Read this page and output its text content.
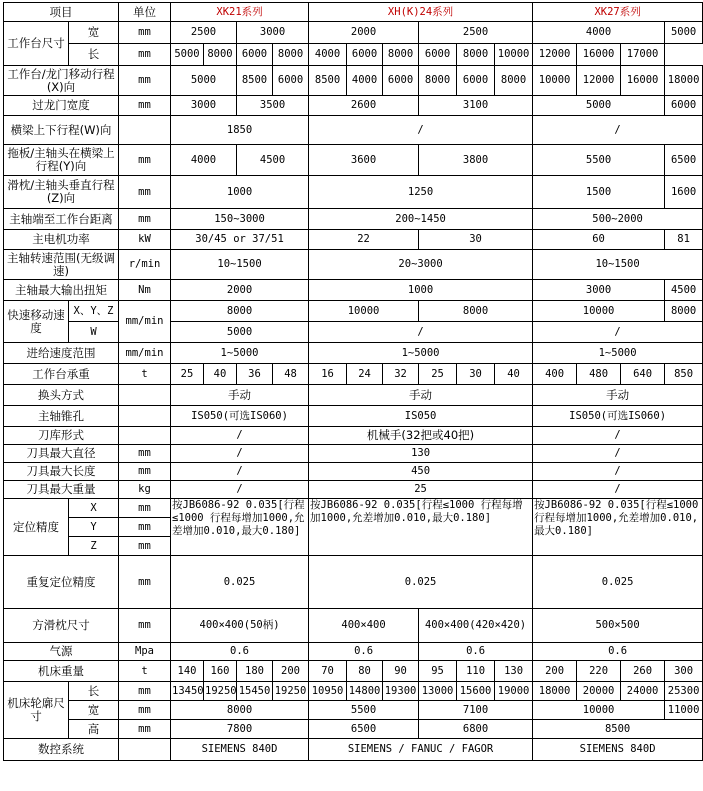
项目		单位	XK21系列				XH(K)24系列						XK27系列			
工作台尺寸	宽	mm	2500		3000		2000			2500			4000			5000
	长	mm	5000	8000	6000	8000	4000	6000	8000	6000	8000	10000	12000	16000	17000	
工作台/龙门移动行程(X)向		mm	5000		8500	6000	8500	4000	6000	8000	6000	8000	10000	12000	16000	18000
过龙门宽度		mm	3000		3500		2600			3100			5000			6000
横梁上下行程(W)向			1850				/						/			
拖板/主轴头在横梁上行程(Y)向		mm	4000		4500		3600			3800			5500			6500
滑枕/主轴头垂直行程(Z)向		mm	1000				1250						1500			1600
主轴端至工作台距离		mm	150~3000				200~1450						500~2000			
主电机功率		kW	30/45 or 37/51				22			30			60			81
主轴转速范围(无级调速)		r/min	10~1500				20~3000						10~1500			
主轴最大输出扭矩		Nm	2000				1000						3000			4500
快速移动速度	X、Y、Z	mm/min	8000				10000			8000			10000			8000
	W		5000				/						/			
进给速度范围		mm/min	1~5000				1~5000						1~5000			
工作台承重		t	25	40	36	48	16	24	32	25	30	40	400	480	640	850
换头方式			手动				手动						手动			
主轴锥孔			IS050(可选IS060)				IS050						IS050(可选IS060)			
刀库形式			/				机械手(32把或40把)						/			
刀具最大直径		mm	/				130						/			
刀具最大长度		mm	/				450						/			
刀具最大重量		kg	/				25						/			
定位精度	X	mm	按JB6086-92 0.035[行程≤1000 行程每增加1000,允差增加0.010,最大0.180]				按JB6086-92 0.035[行程≤1000 行程每增加1000,允差增加0.010,最大0.180]						按JB6086-92 0.035[行程≤1000 行程每增加1000,允差增加0.010,最大0.180]			
	Y	mm														
	Z	mm														
重复定位精度		mm	0.025				0.025						0.025			
方滑枕尺寸		mm	400×400(50柄)				400×400			400×400(420×420)			500×500			
气源		Mpa	0.6				0.6			0.6			0.6			
机床重量		t	140	160	180	200	70	80	90	95	110	130	200	220	260	300
机床轮廓尺寸	长	mm	13450	19250	15450	19250	10950	14800	19300	13000	15600	19000	18000	20000	24000	25300
	宽	mm	8000				5500			7100			10000			11000
	高	mm	7800				6500			6800			8500			
数控系统			SIEMENS 840D				SIEMENS / FANUC / FAGOR						SIEMENS 840D			
